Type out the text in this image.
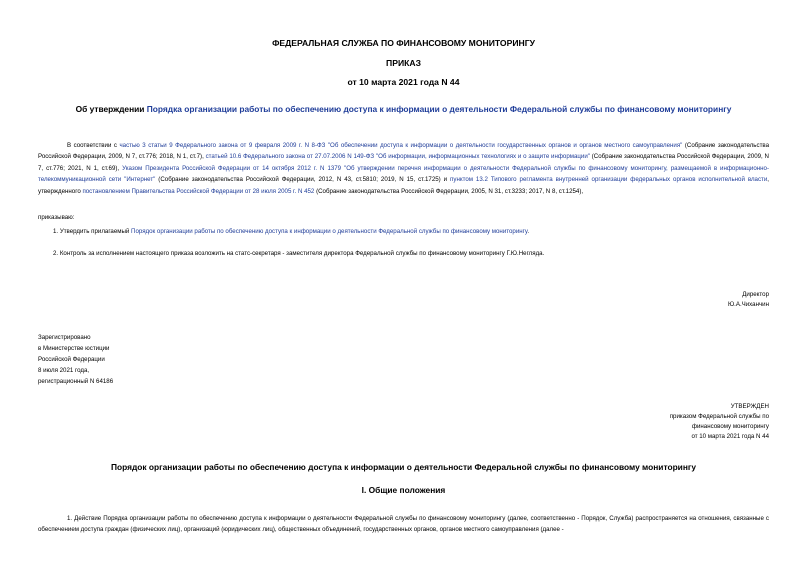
ФЕДЕРАЛЬНАЯ СЛУЖБА ПО ФИНАНСОВОМУ МОНИТОРИНГУ
ПРИКАЗ
от 10 марта 2021 года N 44
Об утверждении Порядка организации работы по обеспечению доступа к информации о деятельности Федеральной службы по финансовому мониторингу
В соответствии с частью 3 статьи 9 Федерального закона от 9 февраля 2009 г. N 8-ФЗ "Об обеспечении доступа к информации о деятельности государственных органов и органов местного самоуправления" (Собрание законодательства Российской Федерации, 2009, N 7, ст.776; 2018, N 1, ст.7), статьей 10.6 Федерального закона от 27.07.2006 N 149-ФЗ "Об информации, информационных технологиях и о защите информации" (Собрание законодательства Российской Федерации, 2009, N 7, ст.776; 2021, N 1, ст.69), Указом Президента Российской Федерации от 14 октября 2012 г. N 1379 "Об утверждении перечня информации о деятельности Федеральной службы по финансовому мониторингу, размещаемой в информационно-телекоммуникационной сети "Интернет" (Собрание законодательства Российской Федерации, 2012, N 43, ст.5810; 2019, N 15, ст.1725) и пунктом 13.2 Типового регламента внутренней организации федеральных органов исполнительной власти, утвержденного постановлением Правительства Российской Федерации от 28 июля 2005 г. N 452 (Собрание законодательства Российской Федерации, 2005, N 31, ст.3233; 2017, N 8, ст.1254),
приказываю:
1. Утвердить прилагаемый Порядок организации работы по обеспечению доступа к информации о деятельности Федеральной службы по финансовому мониторингу.
2. Контроль за исполнением настоящего приказа возложить на статс-секретаря - заместителя директора Федеральной службы по финансовому мониторингу Г.Ю.Негляда.
Директор
Ю.А.Чиханчин
Зарегистрировано
в Министерстве юстиции
Российской Федерации
8 июля 2021 года,
регистрационный N 64186
УТВЕРЖДЕН
приказом Федеральной службы по
финансовому мониторингу
от 10 марта 2021 года N 44
Порядок организации работы по обеспечению доступа к информации о деятельности Федеральной службы по финансовому мониторингу
I. Общие положения
1. Действие Порядка организации работы по обеспечению доступа к информации о деятельности Федеральной службы по финансовому мониторингу (далее, соответственно - Порядок, Служба) распространяется на отношения, связанные с обеспечением доступа граждан (физических лиц), организаций (юридических лиц), общественных объединений, государственных органов, органов местного самоуправления (далее -
